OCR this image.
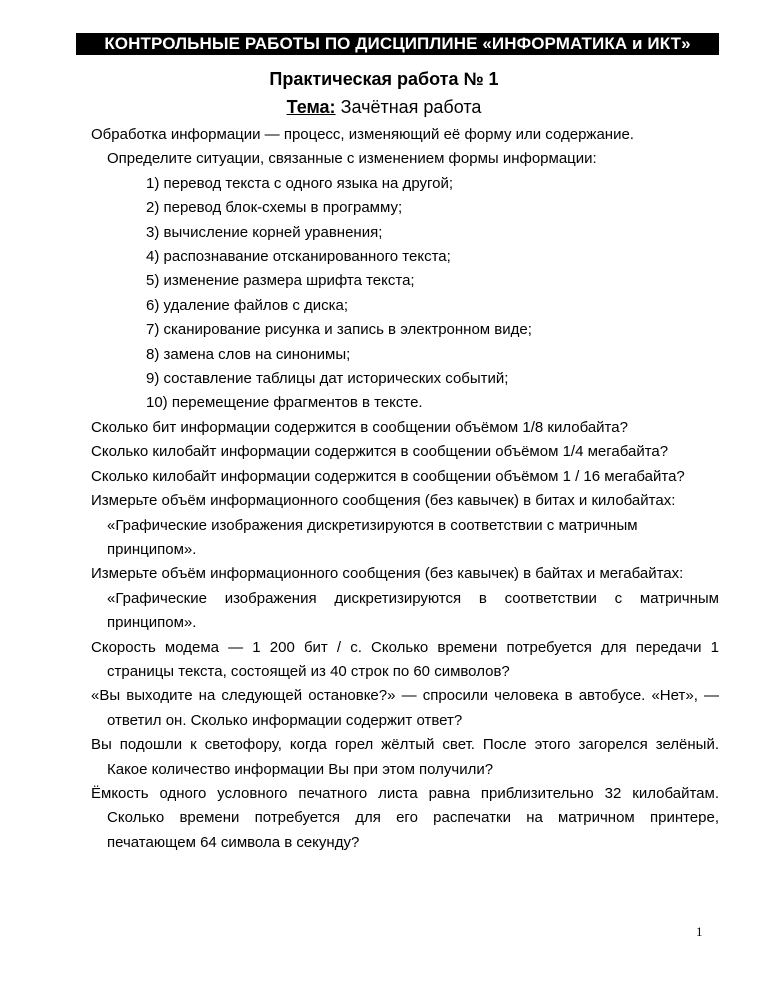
КОНТРОЛЬНЫЕ РАБОТЫ ПО ДИСЦИПЛИНЕ «ИНФОРМАТИКА и ИКТ»
Практическая работа № 1
Тема: Зачётная работа
Обработка информации — процесс, изменяющий её форму или содержание.
Определите ситуации, связанные с изменением формы информации:
1) перевод текста с одного языка на другой;
2) перевод блок-схемы в программу;
3) вычисление корней уравнения;
4) распознавание отсканированного текста;
5) изменение размера шрифта текста;
6) удаление файлов с диска;
7) сканирование рисунка и запись в электронном виде;
8) замена слов на синонимы;
9) составление таблицы дат исторических событий;
10) перемещение фрагментов в тексте.
Сколько бит информации содержится в сообщении объёмом 1/8 килобайта?
Сколько килобайт информации содержится в сообщении объёмом 1/4 мегабайта?
Сколько килобайт информации содержится в сообщении объёмом 1 / 16 мегабайта?
Измерьте объём информационного сообщения (без кавычек) в битах и килобайтах:
«Графические изображения дискретизируются в соответствии с матричным принципом».
Измерьте объём информационного сообщения (без кавычек) в байтах и мегабайтах:
«Графические изображения дискретизируются в соответствии с матричным принципом».
Скорость модема — 1 200 бит / с. Сколько времени потребуется для передачи 1 страницы текста, состоящей из 40 строк по 60 символов?
«Вы выходите на следующей остановке?» — спросили человека в автобусе. «Нет», — ответил он. Сколько информации содержит ответ?
Вы подошли к светофору, когда горел жёлтый свет. После этого загорелся зелёный. Какое количество информации Вы при этом получили?
Ёмкость одного условного печатного листа равна приблизительно 32 килобайтам. Сколько времени потребуется для его распечатки на матричном принтере, печатающем 64 символа в секунду?
1
